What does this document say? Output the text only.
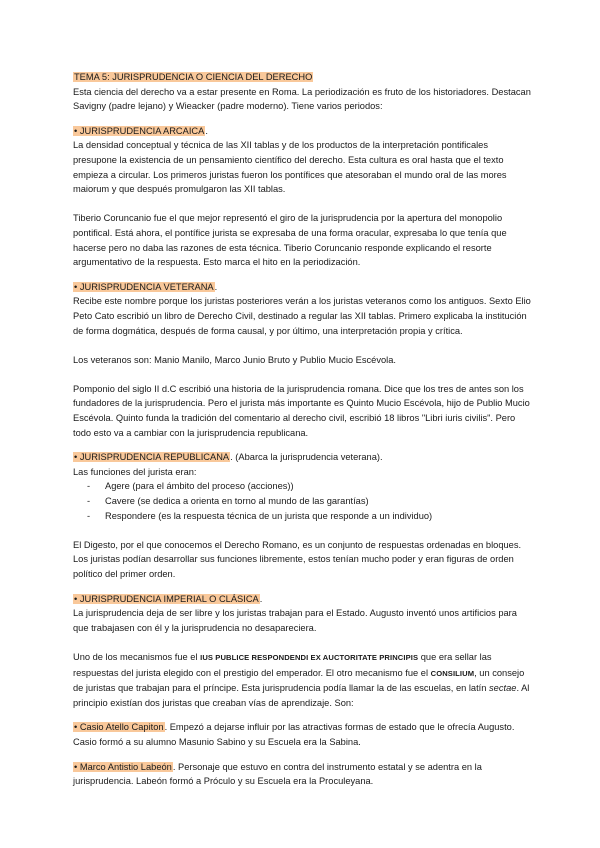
TEMA 5: JURISPRUDENCIA O CIENCIA DEL DERECHO

Esta ciencia del derecho va a estar presente en Roma. La periodización es fruto de los historiadores. Destacan Savigny (padre lejano) y Wieacker (padre moderno). Tiene varios periodos:

• JURISPRUDENCIA ARCAICA.

La densidad conceptual y técnica de las XII tablas y de los productos de la interpretación pontificales presupone la existencia de un pensamiento científico del derecho. Esta cultura es oral hasta que el texto empieza a circular. Los primeros juristas fueron los pontífices que atesoraban el mundo oral de las mores maiorum y que después promulgaron las XII tablas.

Tiberio Coruncanio fue el que mejor representó el giro de la jurisprudencia por la apertura del monopolio pontifical. Está ahora, el pontífice jurista se expresaba de una forma oracular, expresaba lo que tenía que hacerse pero no daba las razones de esta técnica. Tiberio Coruncanio responde explicando el resorte argumentativo de la respuesta. Esto marca el hito en la periodización.

• JURISPRUDENCIA VETERANA.

Recibe este nombre porque los juristas posteriores verán a los juristas veteranos como los antiguos. Sexto Elio Peto Cato escribió un libro de Derecho Civil, destinado a regular las XII tablas. Primero explicaba la institución de forma dogmática, después de forma causal, y por último, una interpretación propia y crítica.

Los veteranos son: Manio Manilo, Marco Junio Bruto y Publio Mucio Escévola.

Pomponio del siglo II d.C escribió una historia de la jurisprudencia romana. Dice que los tres de antes son los fundadores de la jurisprudencia. Pero el jurista más importante es Quinto Mucio Escévola, hijo de Publio Mucio Escévola. Quinto funda la tradición del comentario al derecho civil, escribió 18 libros "Libri iuris civilis". Pero todo esto va a cambiar con la jurisprudencia republicana.

• JURISPRUDENCIA REPUBLICANA. (Abarca la jurisprudencia veterana).

Las funciones del jurista eran:

- Agere (para el ámbito del proceso (acciones))

- Cavere (se dedica a orienta en torno al mundo de las garantías)

- Respondere (es la respuesta técnica de un jurista que responde a un individuo)

El Digesto, por el que conocemos el Derecho Romano, es un conjunto de respuestas ordenadas en bloques. Los juristas podían desarrollar sus funciones libremente, estos tenían mucho poder y eran figuras de orden político del primer orden.

• JURISPRUDENCIA IMPERIAL O CLÁSICA.

La jurisprudencia deja de ser libre y los juristas trabajan para el Estado. Augusto inventó unos artificios para que trabajasen con él y la jurisprudencia no desapareciera.

Uno de los mecanismos fue el IUS PUBLICE RESPONDENDI EX AUCTORITATE PRINCIPIS que era sellar las respuestas del jurista elegido con el prestigio del emperador. El otro mecanismo fue el CONSILIUM, un consejo de juristas que trabajan para el príncipe. Esta jurisprudencia podía llamar la de las escuelas, en latín sectae. Al principio existían dos juristas que creaban vías de aprendizaje. Son:

• Casio Atello Capiton. Empezó a dejarse influir por las atractivas formas de estado que le ofrecía Augusto. Casio formó a su alumno Masunio Sabino y su Escuela era la Sabina.

• Marco Antistio Labeón. Personaje que estuvo en contra del instrumento estatal y se adentra en la jurisprudencia. Labeón formó a Próculo y su Escuela era la Proculeyana.
